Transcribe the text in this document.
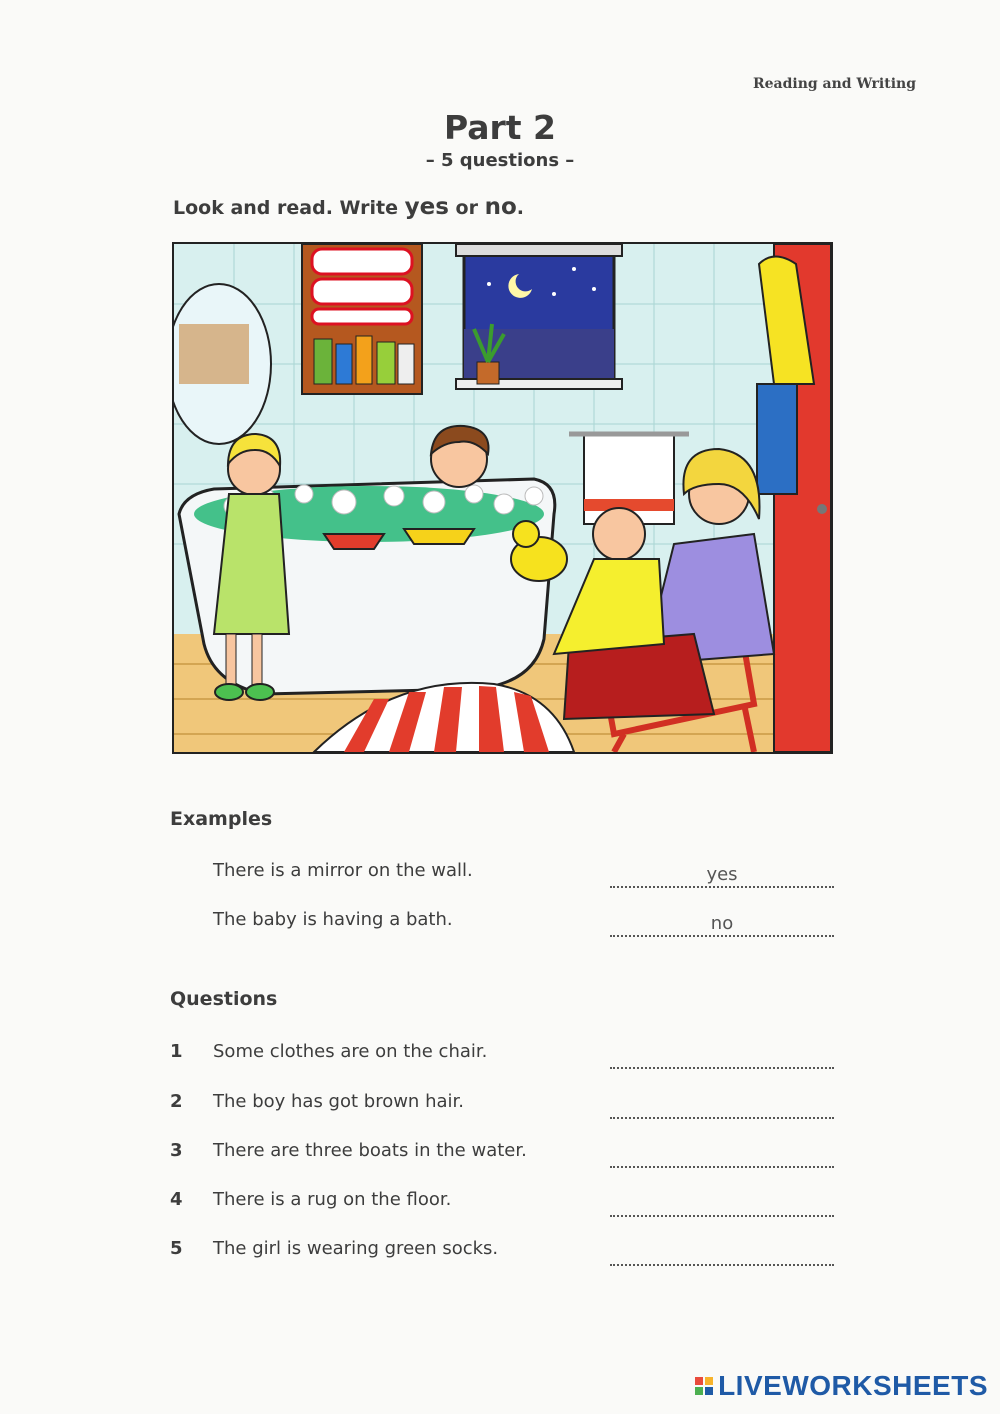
Reading and Writing
Part 2
– 5 questions –
Look and read. Write yes or no.
Examples
There is a mirror on the wall.	yes
The baby is having a bath.	no
Questions
1	Some clothes are on the chair.
2	The boy has got brown hair.
3	There are three boats in the water.
4	There is a rug on the floor.
5	The girl is wearing green socks.
LIVEWORKSHEETS
